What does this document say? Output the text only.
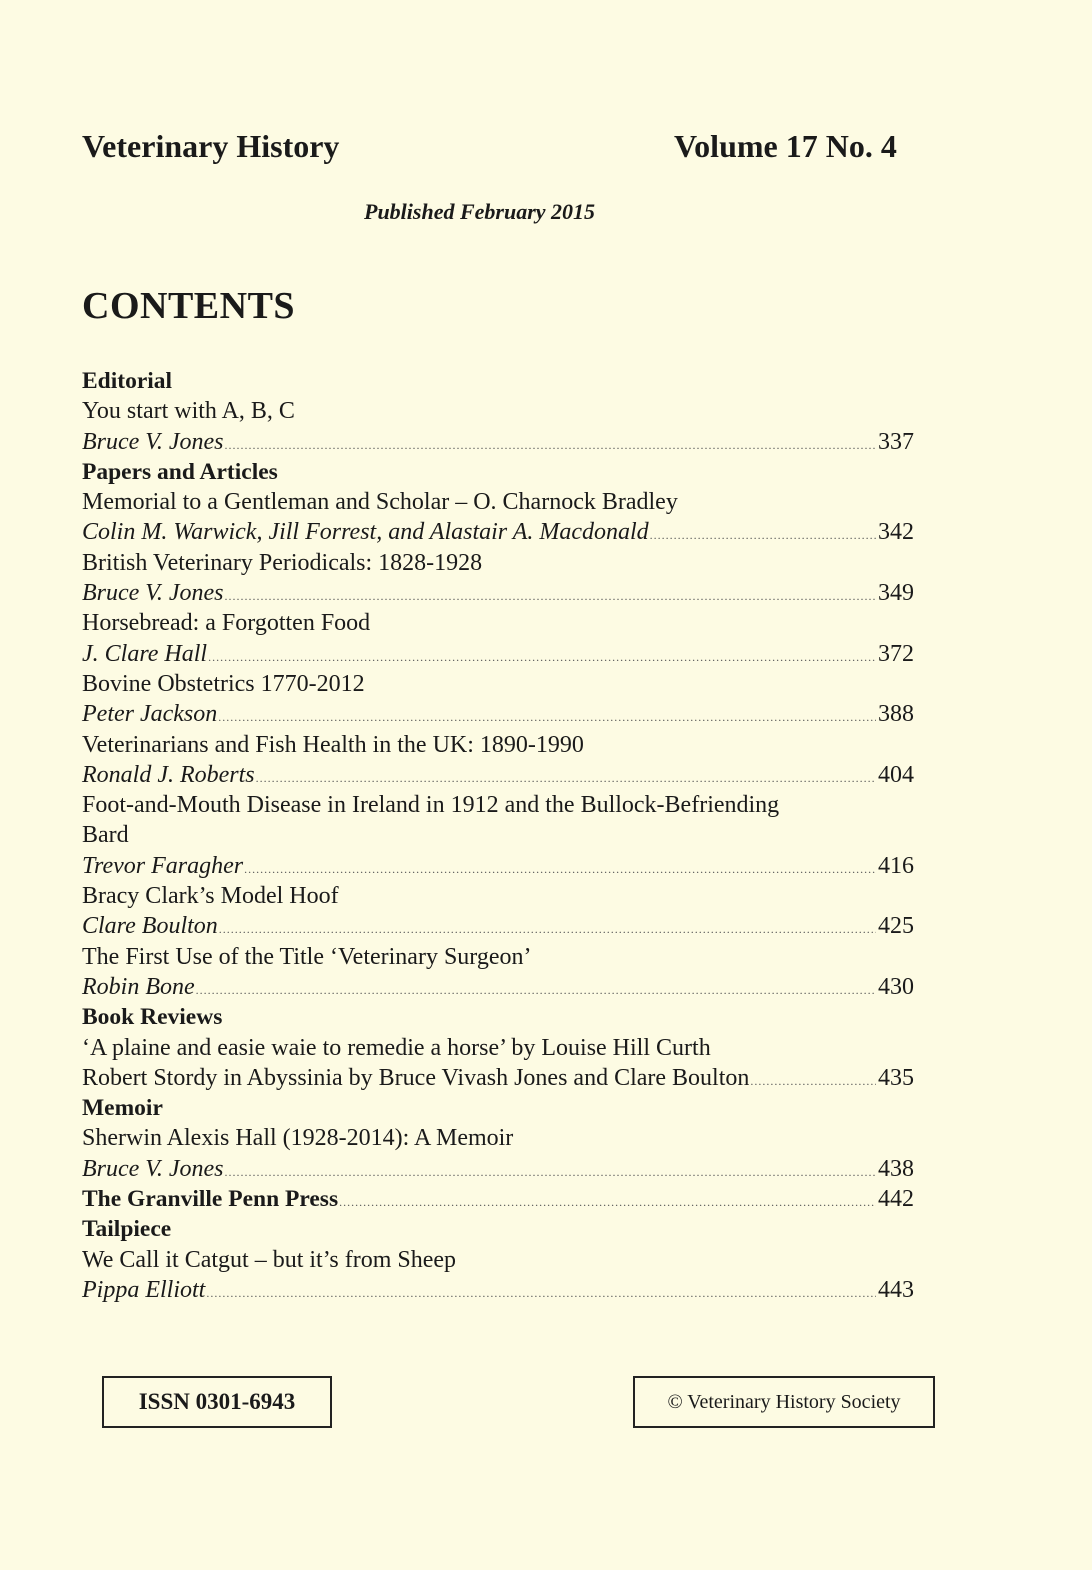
Veterinary History	Volume 17 No. 4
Published February 2015
CONTENTS
Editorial
You start with A, B, C
Bruce V. Jones .....	337
Papers and Articles
Memorial to a Gentleman and Scholar – O. Charnock Bradley
Colin M. Warwick, Jill Forrest, and Alastair A. Macdonald .....	342
British Veterinary Periodicals: 1828-1928
Bruce V. Jones .....	349
Horsebread: a Forgotten Food
J. Clare Hall .....	372
Bovine Obstetrics 1770-2012
Peter Jackson .....	388
Veterinarians and Fish Health in the UK: 1890-1990
Ronald J. Roberts .....	404
Foot-and-Mouth Disease in Ireland in 1912 and the Bullock-Befriending
Bard
Trevor Faragher .....	416
Bracy Clark’s Model Hoof
Clare Boulton .....	425
The First Use of the Title ‘Veterinary Surgeon’
Robin Bone .....	430
Book Reviews
‘A plaine and easie waie to remedie a horse’ by Louise Hill Curth
Robert Stordy in Abyssinia by Bruce Vivash Jones and Clare Boulton .....	435
Memoir
Sherwin Alexis Hall (1928-2014): A Memoir
Bruce V. Jones .....	438
The Granville Penn Press .....	442
Tailpiece
We Call it Catgut – but it’s from Sheep
Pippa Elliott .....	443
ISSN 0301-6943	© Veterinary History Society
